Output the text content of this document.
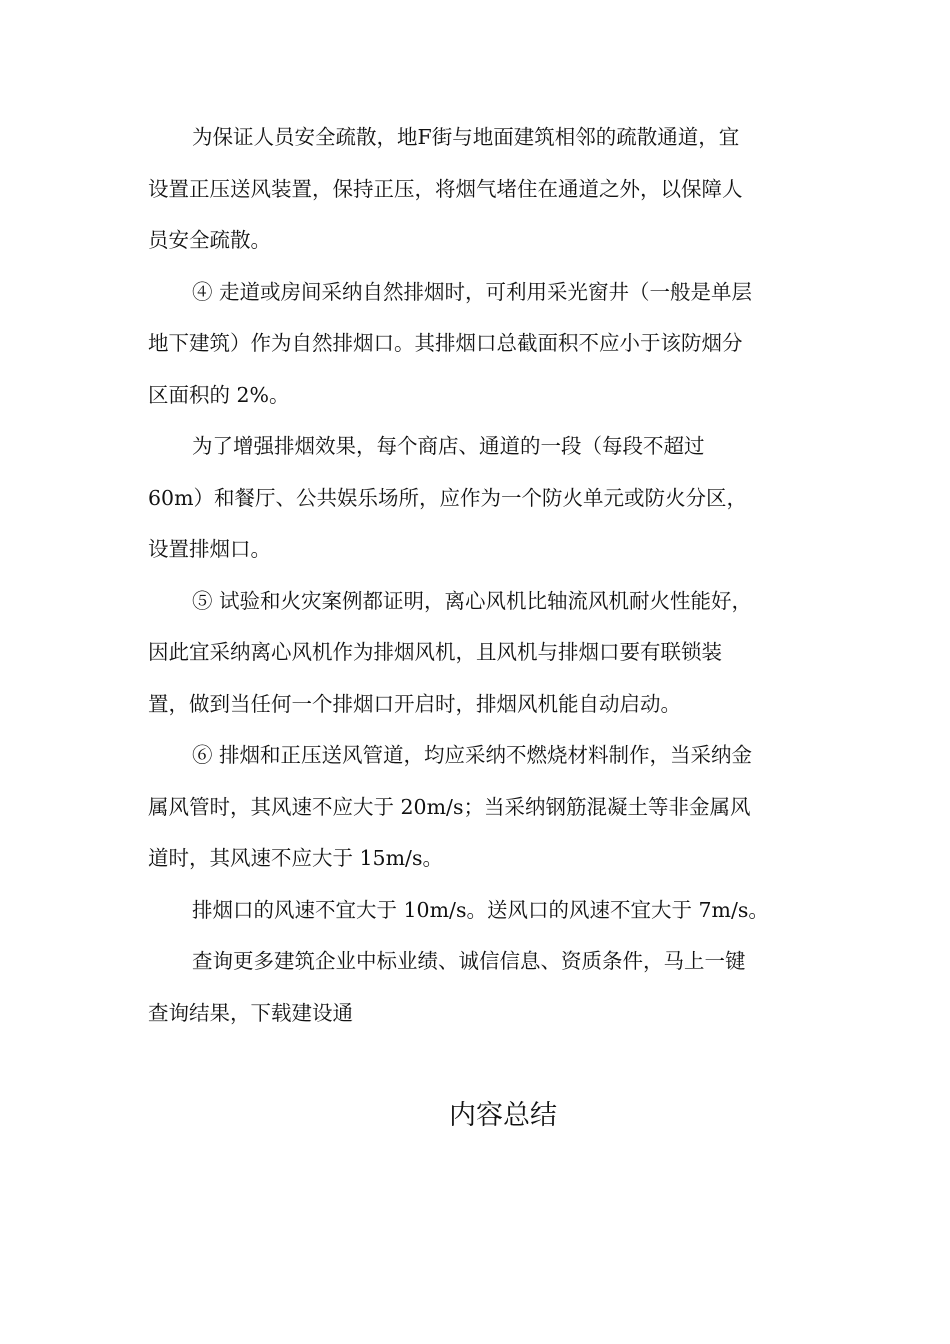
为保证人员安全疏散，地F街与地面建筑相邻的疏散通道，宜
设置正压送风装置，保持正压，将烟气堵住在通道之外，以保障人
员安全疏散。

④ 走道或房间采纳自然排烟时，可利用采光窗井（一般是单层
地下建筑）作为自然排烟口。其排烟口总截面积不应小于该防烟分
区面积的 2%。

为了增强排烟效果，每个商店、通道的一段（每段不超过
60m）和餐厅、公共娱乐场所，应作为一个防火单元或防火分区，
设置排烟口。

⑤ 试验和火灾案例都证明，离心风机比轴流风机耐火性能好，
因此宜采纳离心风机作为排烟风机，且风机与排烟口要有联锁装
置，做到当任何一个排烟口开启时，排烟风机能自动启动。

⑥ 排烟和正压送风管道，均应采纳不燃烧材料制作，当采纳金
属风管时，其风速不应大于 20m/s；当采纳钢筋混凝土等非金属风
道时，其风速不应大于 15m/s。

排烟口的风速不宜大于 10m/s。送风口的风速不宜大于 7m/s。

查询更多建筑企业中标业绩、诚信信息、资质条件，马上一键
查询结果，下载建设通

内容总结
